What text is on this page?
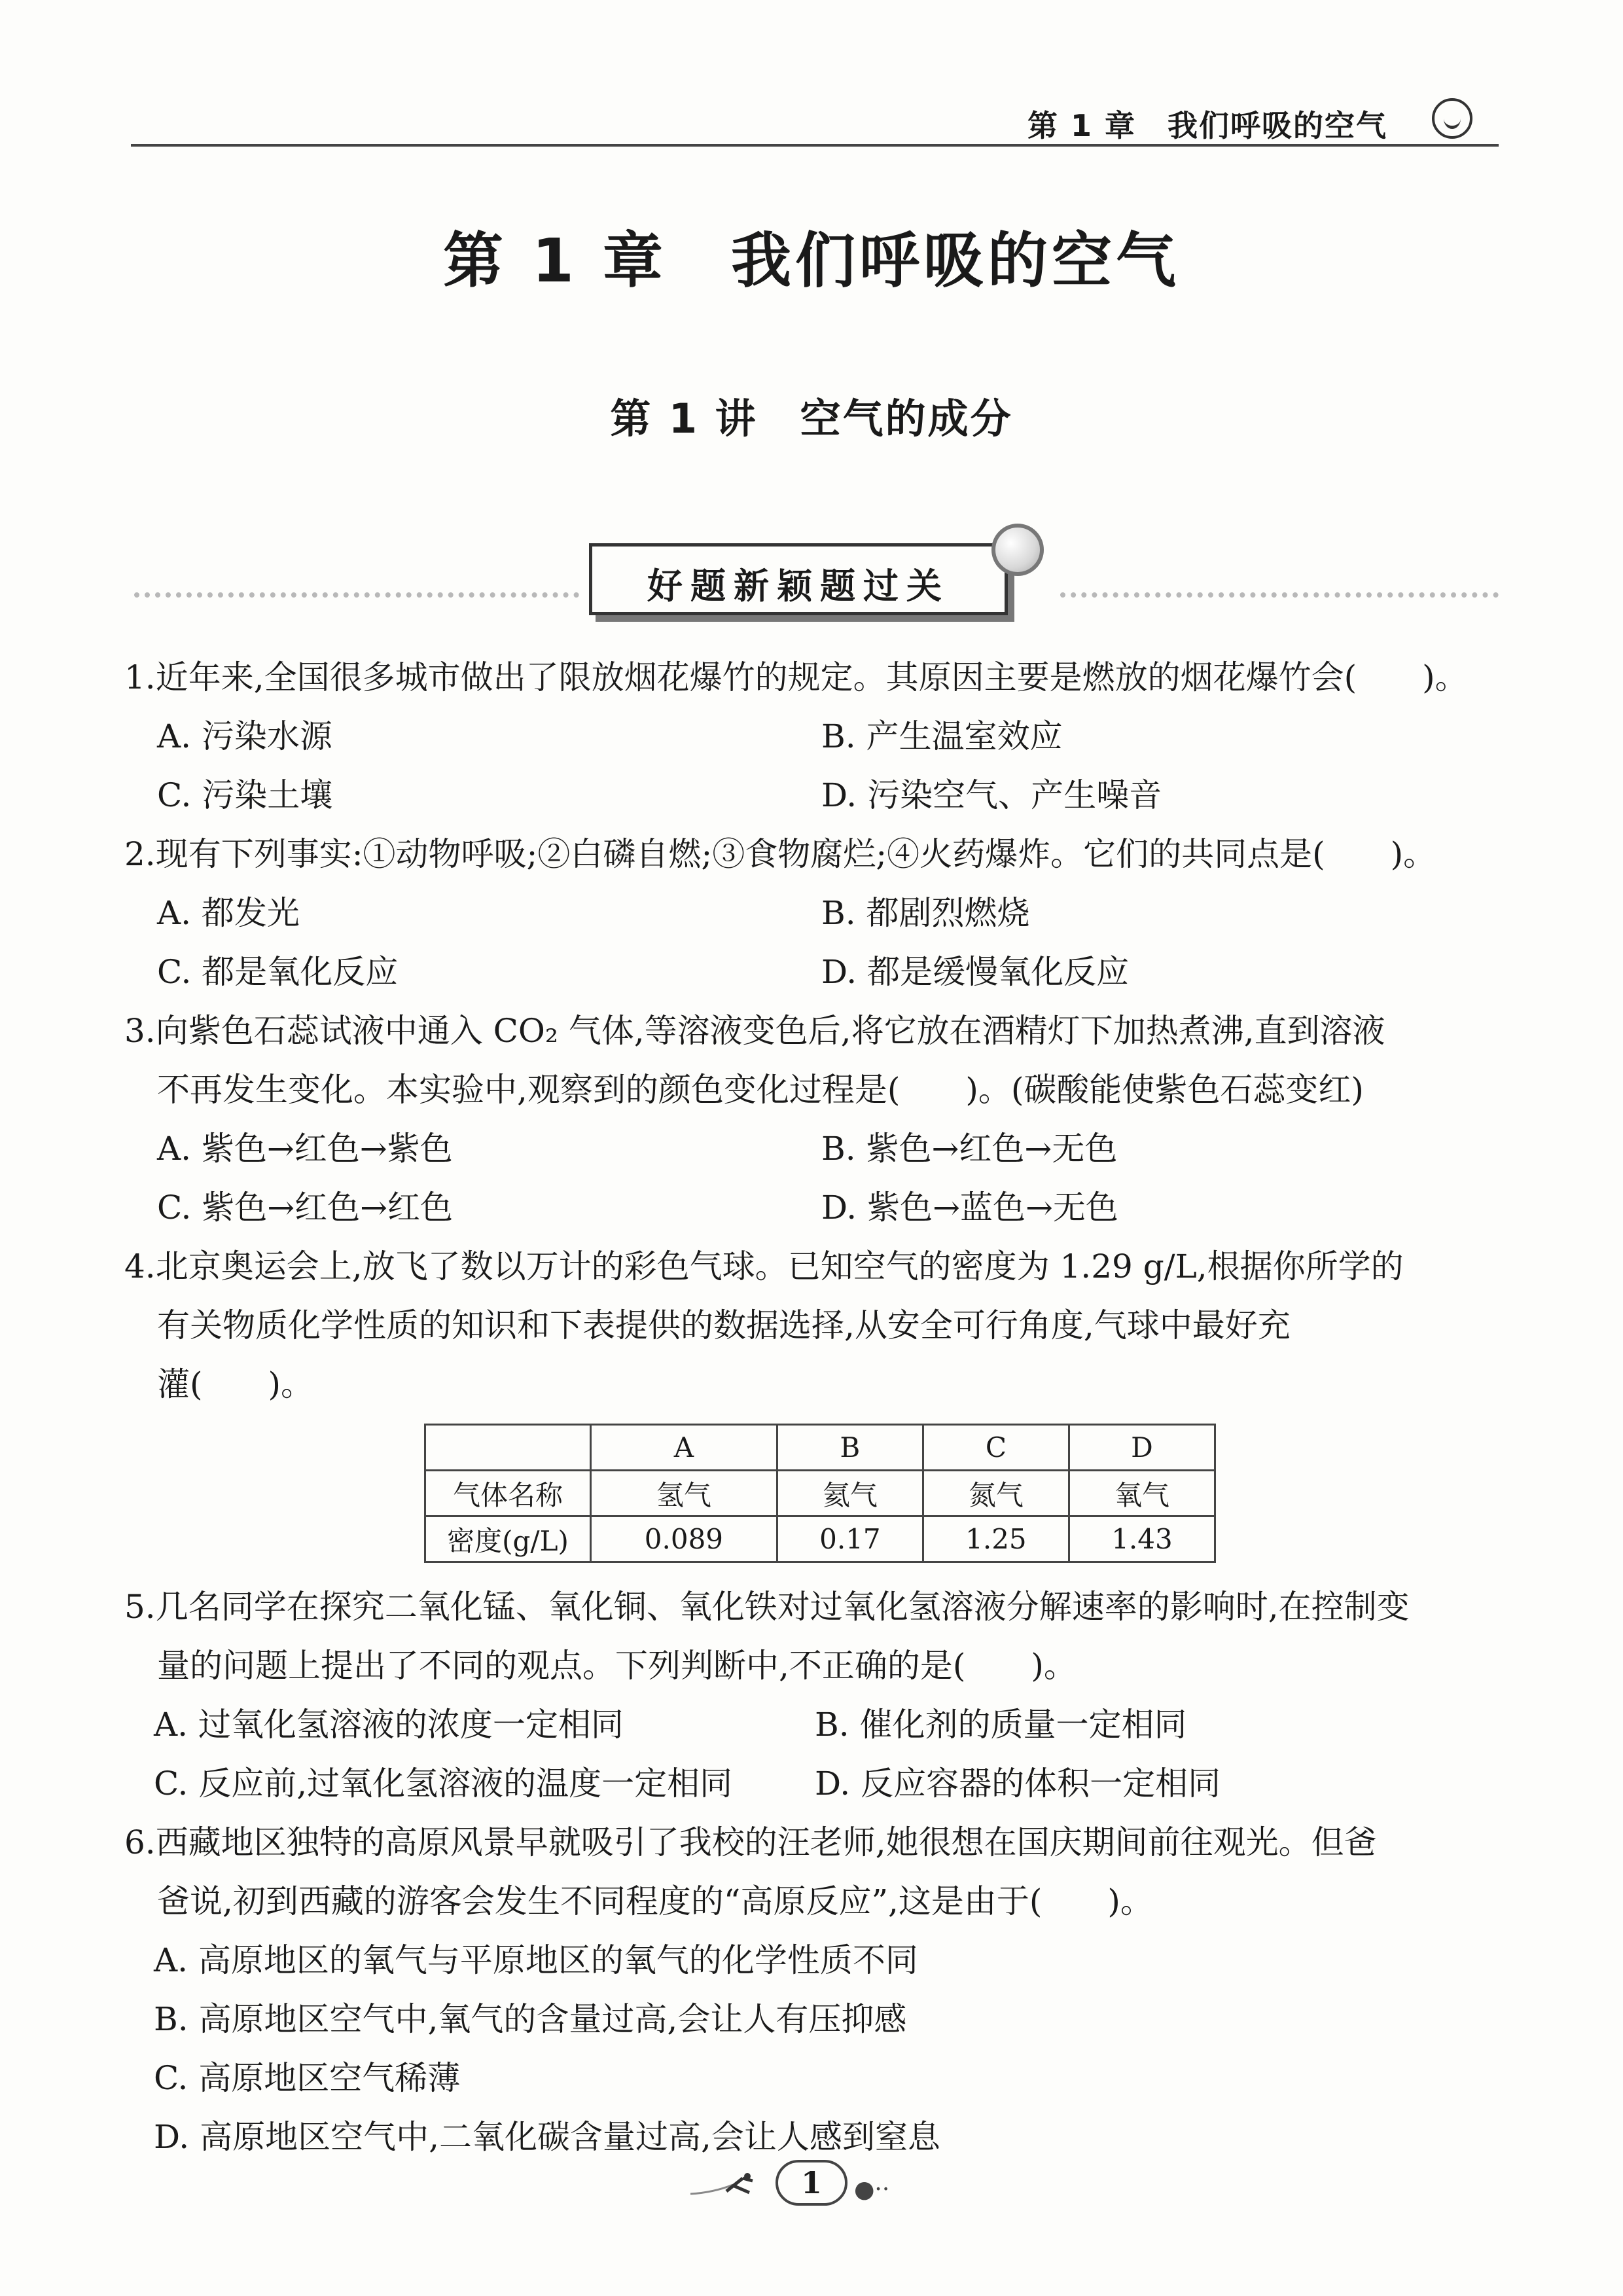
第 1 章　我们呼吸的空气
第 1 章　我们呼吸的空气
第 1 讲　空气的成分
好题新颖题过关
1.近年来,全国很多城市做出了限放烟花爆竹的规定。其原因主要是燃放的烟花爆竹会(　　)。
A. 污染水源	B. 产生温室效应
C. 污染土壤	D. 污染空气、产生噪音
2.现有下列事实:①动物呼吸;②白磷自燃;③食物腐烂;④火药爆炸。它们的共同点是(　　)。
A. 都发光	B. 都剧烈燃烧
C. 都是氧化反应	D. 都是缓慢氧化反应
3.向紫色石蕊试液中通入 CO₂ 气体,等溶液变色后,将它放在酒精灯下加热煮沸,直到溶液
不再发生变化。本实验中,观察到的颜色变化过程是(　　)。(碳酸能使紫色石蕊变红)
A. 紫色→红色→紫色	B. 紫色→红色→无色
C. 紫色→红色→红色	D. 紫色→蓝色→无色
4.北京奥运会上,放飞了数以万计的彩色气球。已知空气的密度为 1.29 g/L,根据你所学的
有关物质化学性质的知识和下表提供的数据选择,从安全可行角度,气球中最好充
灌(　　)。
	A	B	C	D
气体名称	氢气	氦气	氮气	氧气
密度(g/L)	0.089	0.17	1.25	1.43
5.几名同学在探究二氧化锰、氧化铜、氧化铁对过氧化氢溶液分解速率的影响时,在控制变
量的问题上提出了不同的观点。下列判断中,不正确的是(　　)。
A. 过氧化氢溶液的浓度一定相同	B. 催化剂的质量一定相同
C. 反应前,过氧化氢溶液的温度一定相同	D. 反应容器的体积一定相同
6.西藏地区独特的高原风景早就吸引了我校的汪老师,她很想在国庆期间前往观光。但爸
爸说,初到西藏的游客会发生不同程度的“高原反应”,这是由于(　　)。
A. 高原地区的氧气与平原地区的氧气的化学性质不同
B. 高原地区空气中,氧气的含量过高,会让人有压抑感
C. 高原地区空气稀薄
D. 高原地区空气中,二氧化碳含量过高,会让人感到窒息
1	●··
